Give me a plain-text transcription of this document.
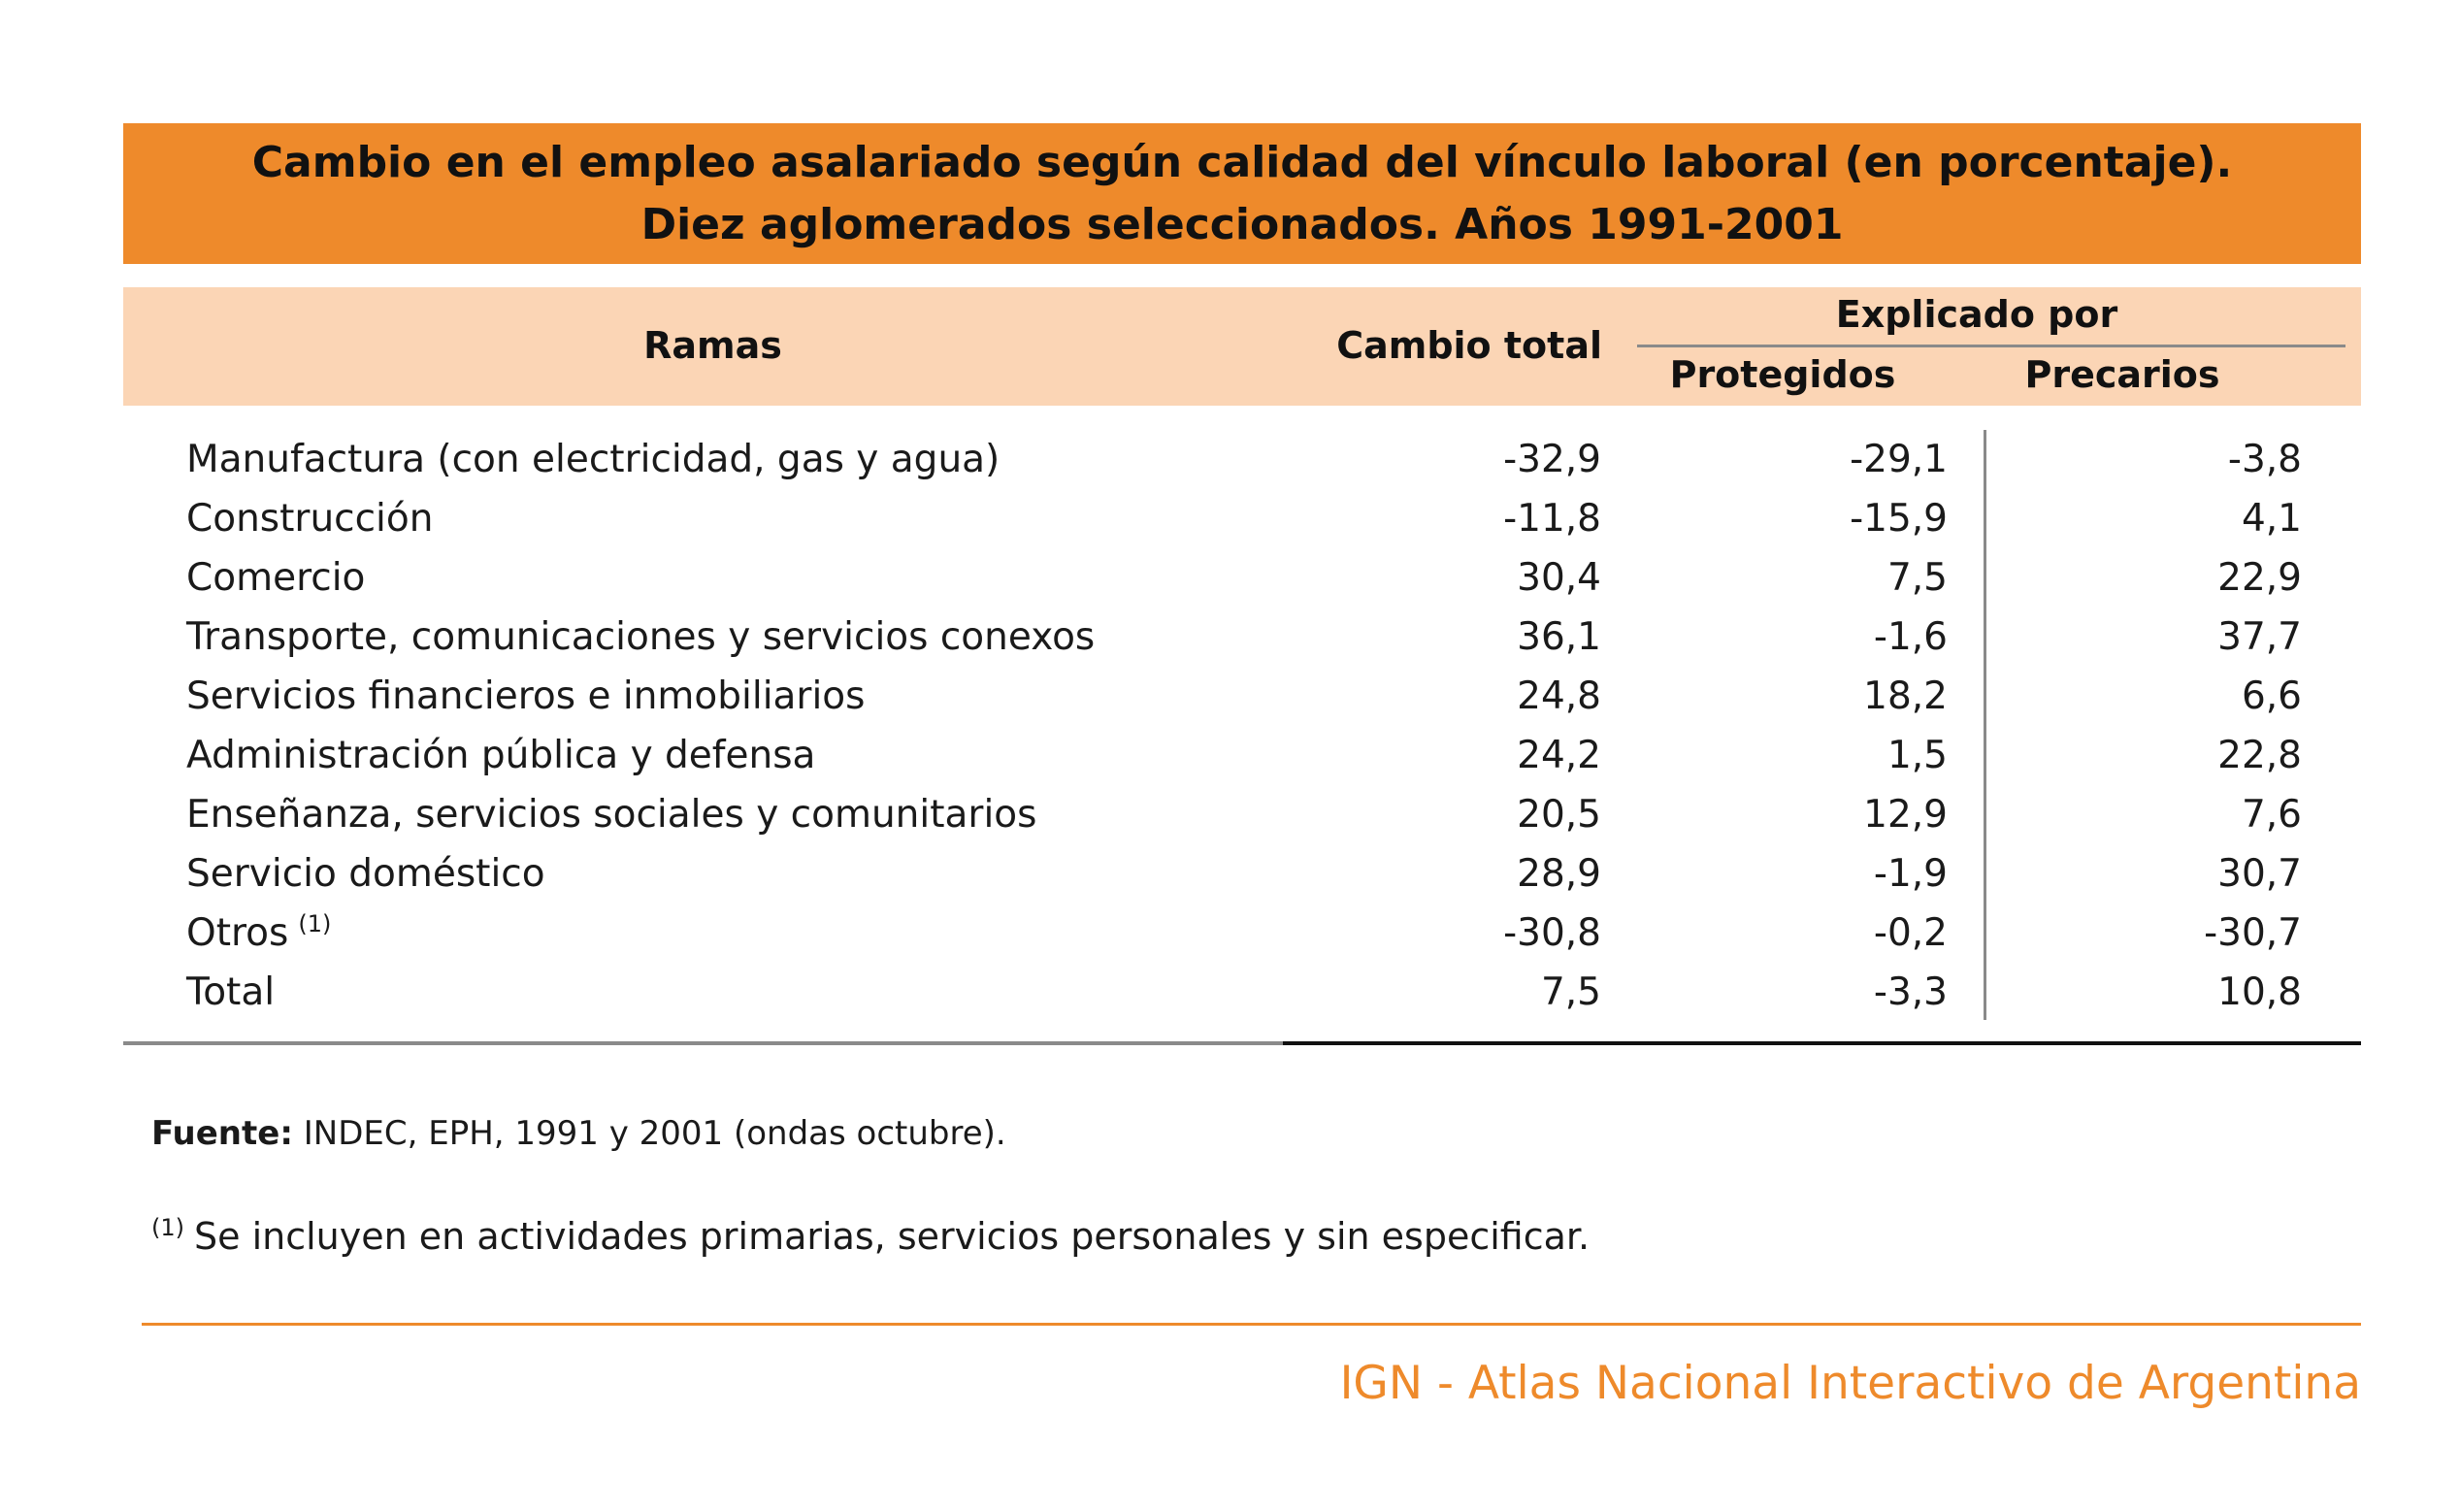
Cambio en el empleo asalariado según calidad del vínculo laboral (en porcentaje).
Diez aglomerados seleccionados. Años 1991-2001
Ramas	Cambio total
Explicado por
Protegidos	Precarios
Manufactura (con electricidad, gas y agua)	-32,9	-29,1	-3,8
Construcción	-11,8	-15,9	4,1
Comercio	30,4	7,5	22,9
Transporte, comunicaciones y servicios conexos	36,1	-1,6	37,7
Servicios financieros e inmobiliarios	24,8	18,2	6,6
Administración pública y defensa	24,2	1,5	22,8
Enseñanza, servicios sociales y comunitarios	20,5	12,9	7,6
Servicio doméstico	28,9	-1,9	30,7
Otros $^{(1)}$	-30,8	-0,2	-30,7
Total	7,5	-3,3	10,8
Fuente: INDEC, EPH, 1991 y 2001 (ondas octubre).
$^{(1)}$ Se incluyen en actividades primarias, servicios personales y sin especificar.
IGN - Atlas Nacional Interactivo de Argentina
